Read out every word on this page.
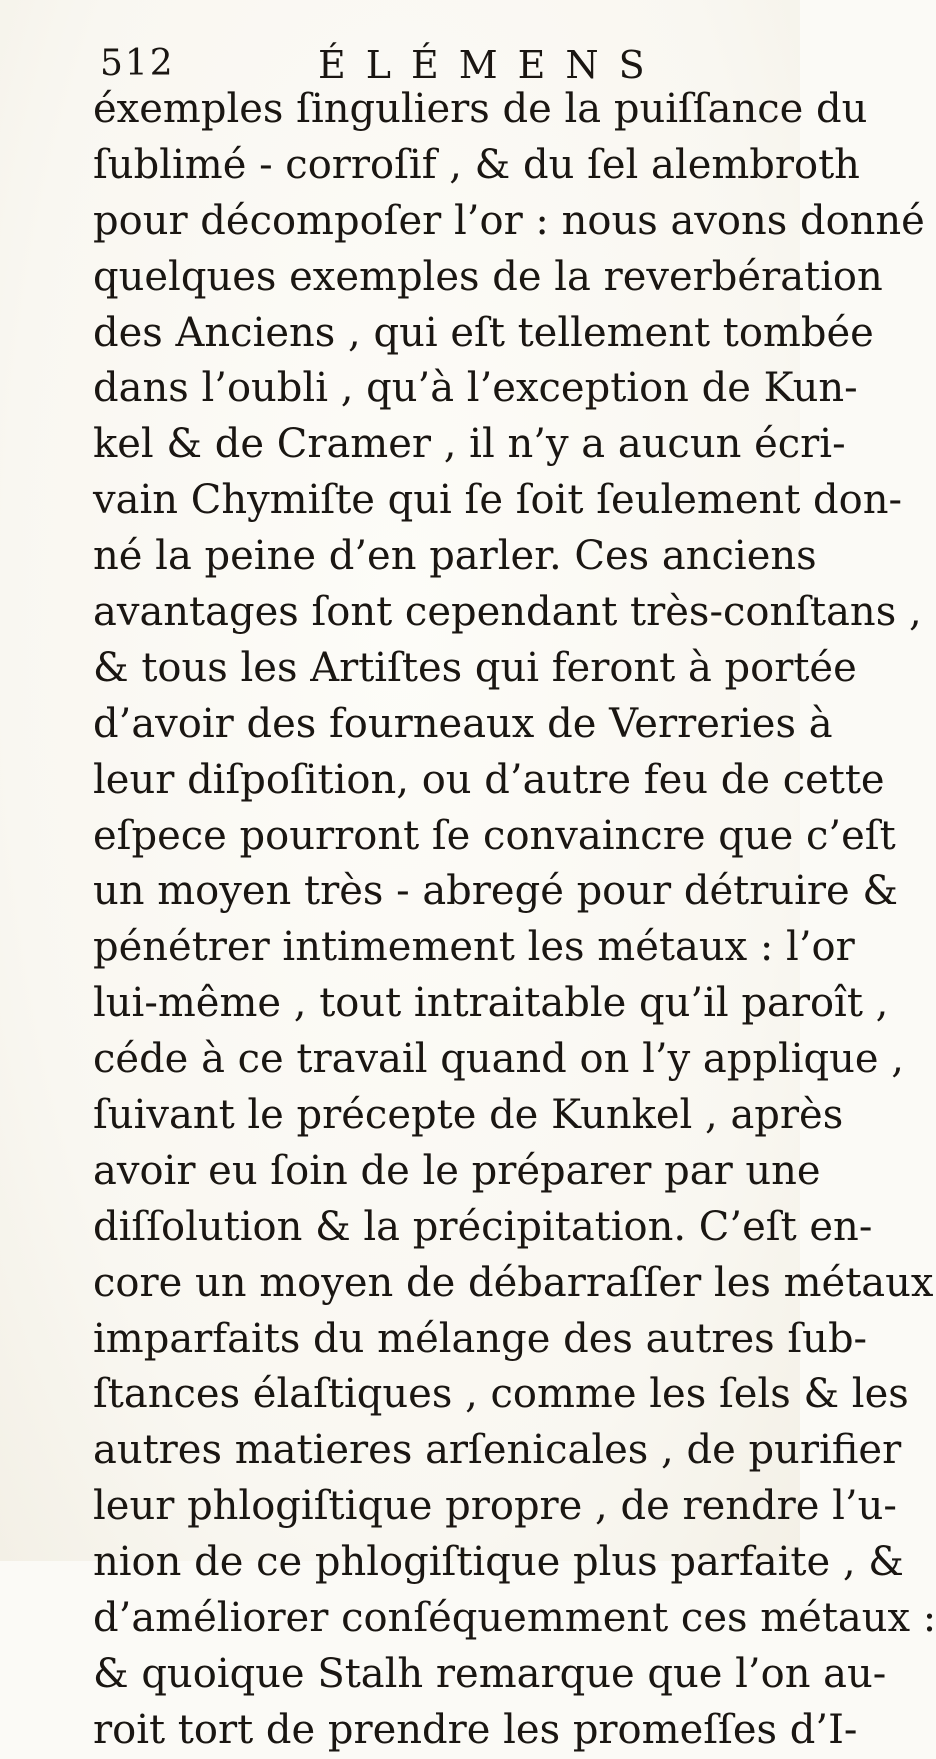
512	ÉLÉMENS
éxemples ſinguliers de la puiſſance du
ſublimé - corroſif , & du ſel alembroth
pour décompoſer l’or : nous avons donné
quelques exemples de la reverbération
des Anciens , qui eſt tellement tombée
dans l’oubli , qu’à l’exception de Kun-
kel & de Cramer , il n’y a aucun écri-
vain Chymiſte qui ſe ſoit ſeulement don-
né la peine d’en parler. Ces anciens
avantages ſont cependant très-conſtans ,
& tous les Artiſtes qui feront à portée
d’avoir des fourneaux de Verreries à
leur diſpoſition, ou d’autre feu de cette
eſpece pourront ſe convaincre que c’eſt
un moyen très - abregé pour détruire &
pénétrer intimement les métaux : l’or
lui-même , tout intraitable qu’il paroît ,
céde à ce travail quand on l’y applique ,
ſuivant le précepte de Kunkel , après
avoir eu ſoin de le préparer par une
diſſolution & la précipitation. C’eſt en-
core un moyen de débarraſſer les métaux
imparfaits du mélange des autres ſub-
ſtances élaſtiques , comme les ſels & les
autres matieres arſenicales , de purifier
leur phlogiſtique propre , de rendre l’u-
nion de ce phlogiſtique plus parfaite , &
d’améliorer conſéquemment ces métaux :
& quoique Stalh remarque que l’on au-
roit tort de prendre les promeſſes d’I-
